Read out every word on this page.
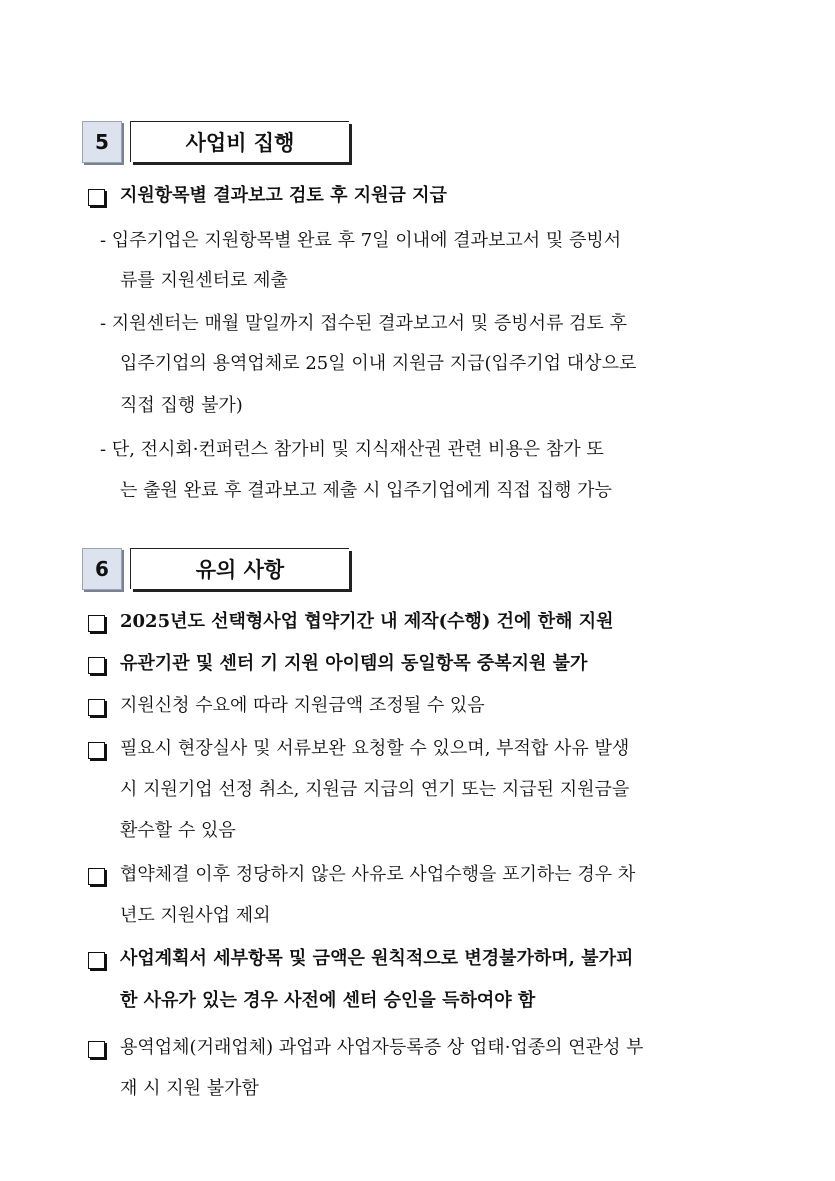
5	사업비 집행
지원항목별 결과보고 검토 후 지원금 지급
- 입주기업은 지원항목별 완료 후 7일 이내에 결과보고서 및 증빙서
류를 지원센터로 제출
- 지원센터는 매월 말일까지 접수된 결과보고서 및 증빙서류 검토 후
입주기업의 용역업체로 25일 이내 지원금 지급(입주기업 대상으로
직접 집행 불가)
- 단, 전시회·컨퍼런스 참가비 및 지식재산권 관련 비용은 참가 또
는 출원 완료 후 결과보고 제출 시 입주기업에게 직접 집행 가능
6	유의 사항
2025년도 선택형사업 협약기간 내 제작(수행) 건에 한해 지원
유관기관 및 센터 기 지원 아이템의 동일항목 중복지원 불가
지원신청 수요에 따라 지원금액 조정될 수 있음
필요시 현장실사 및 서류보완 요청할 수 있으며, 부적합 사유 발생
시 지원기업 선정 취소, 지원금 지급의 연기 또는 지급된 지원금을
환수할 수 있음
협약체결 이후 정당하지 않은 사유로 사업수행을 포기하는 경우 차
년도 지원사업 제외
사업계획서 세부항목 및 금액은 원칙적으로 변경불가하며, 불가피
한 사유가 있는 경우 사전에 센터 승인을 득하여야 함
용역업체(거래업체) 과업과 사업자등록증 상 업태·업종의 연관성 부
재 시 지원 불가함
